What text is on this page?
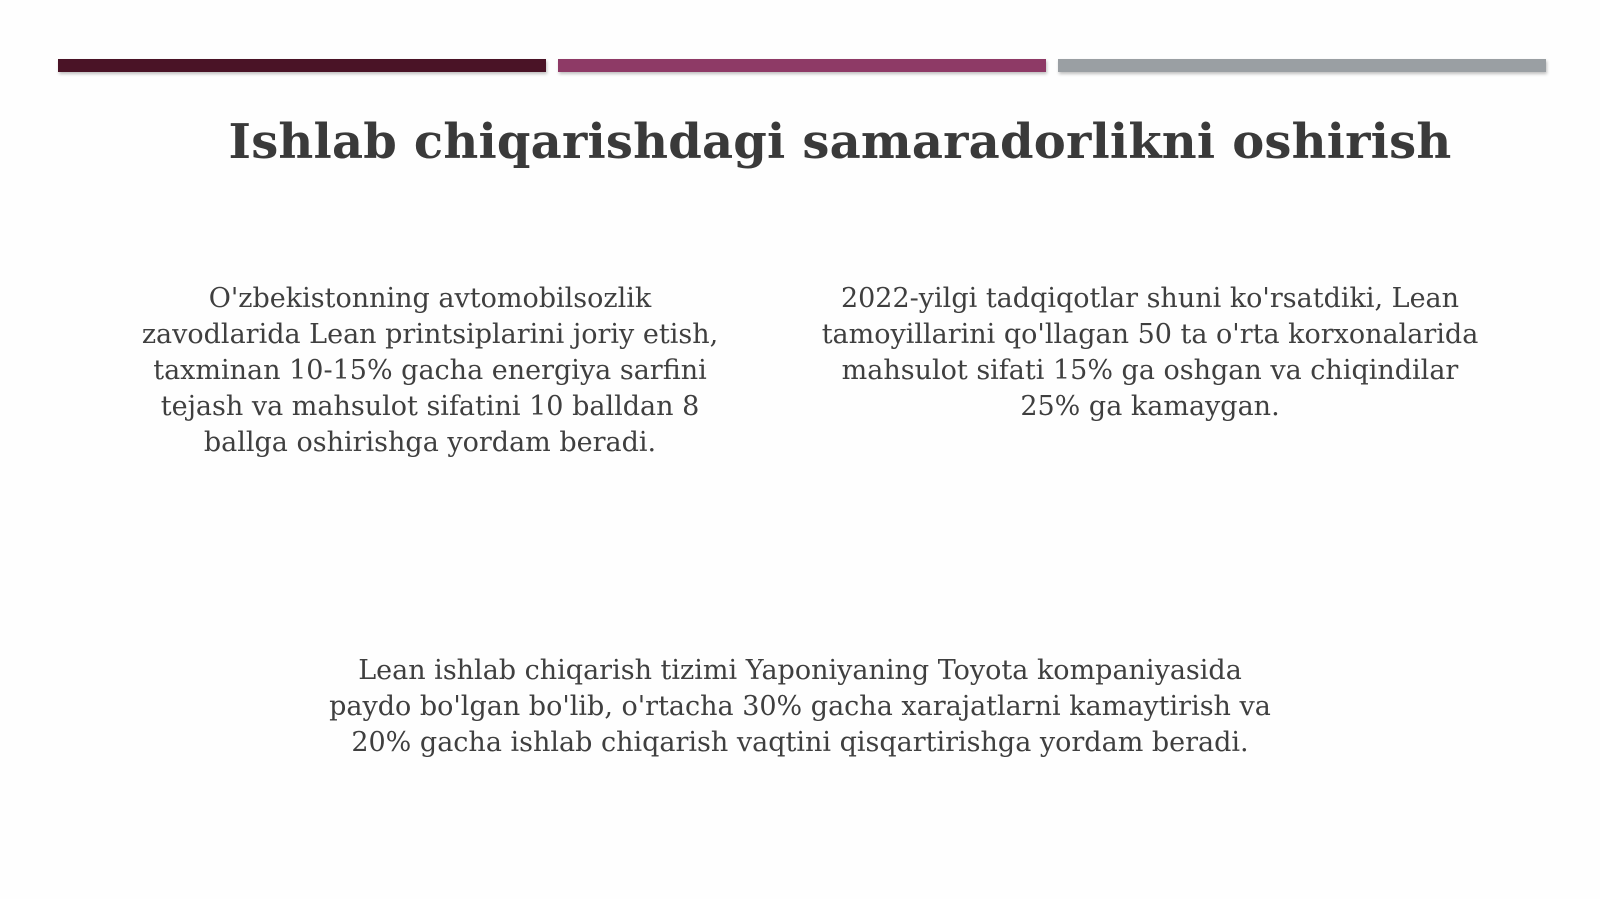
Ishlab chiqarishdagi samaradorlikni oshirish
O'zbekistonning avtomobilsozlik
zavodlarida Lean printsiplarini joriy etish,
taxminan 10-15% gacha energiya sarfini
tejash va mahsulot sifatini 10 balldan 8
ballga oshirishga yordam beradi.
2022-yilgi tadqiqotlar shuni ko'rsatdiki, Lean
tamoyillarini qo'llagan 50 ta o'rta korxonalarida
mahsulot sifati 15% ga oshgan va chiqindilar
25% ga kamaygan.
Lean ishlab chiqarish tizimi Yaponiyaning Toyota kompaniyasida
paydo bo'lgan bo'lib, o'rtacha 30% gacha xarajatlarni kamaytirish va
20% gacha ishlab chiqarish vaqtini qisqartirishga yordam beradi.
